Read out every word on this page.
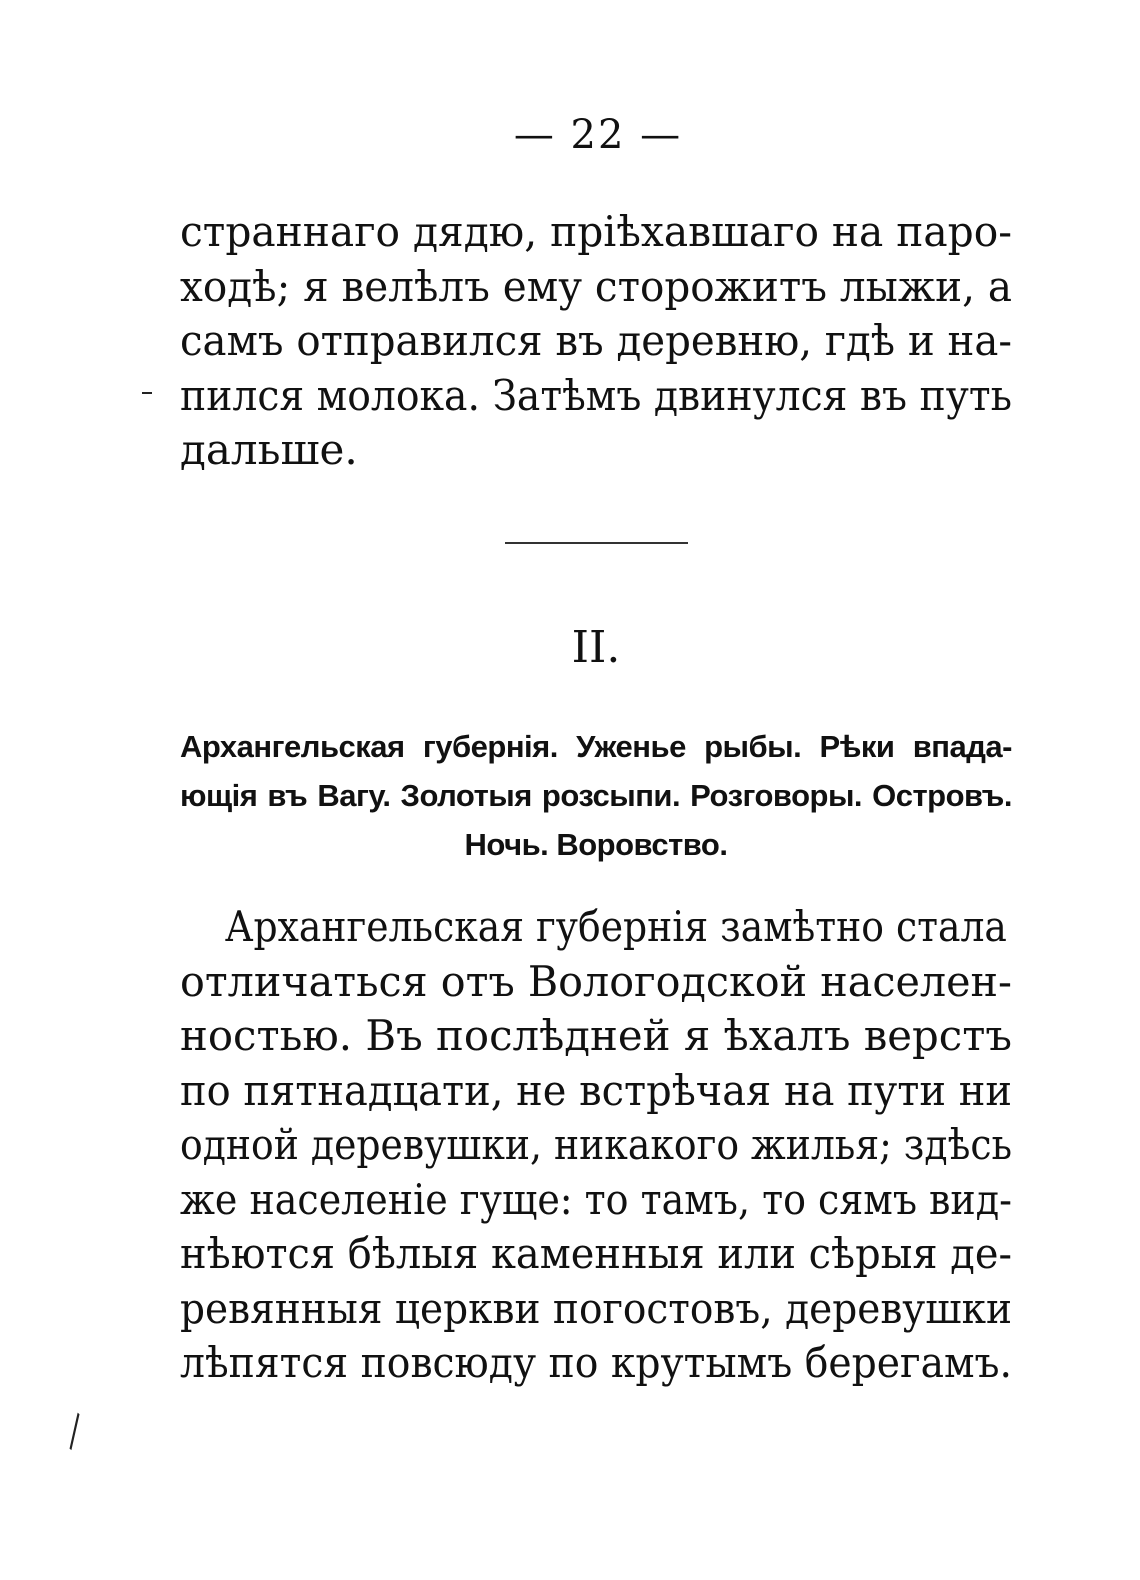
— 22 —
страннаго дядю, пріѣхавшаго на паро-
ходѣ; я велѣлъ ему сторожитъ лыжи, а
самъ отправился въ деревню, гдѣ и на-
пился молока. Затѣмъ двинулся въ путь
дальше.
II.
Архангельская губернія. Уженье рыбы. Рѣки впада-
ющія въ Вагу. Золотыя розсыпи. Розговоры. Островъ.
Ночь. Воровство.
Архангельская губернія замѣтно стала
отличаться отъ Вологодской населен-
ностью. Въ послѣдней я ѣхалъ верстъ
по пятнадцати, не встрѣчая на пути ни
одной деревушки, никакого жилья; здѣсь
же населеніе гуще: то тамъ, то сямъ вид-
нѣются бѣлыя каменныя или сѣрыя де-
ревянныя церкви погостовъ, деревушки
лѣпятся повсюду по крутымъ берегамъ.
╲
